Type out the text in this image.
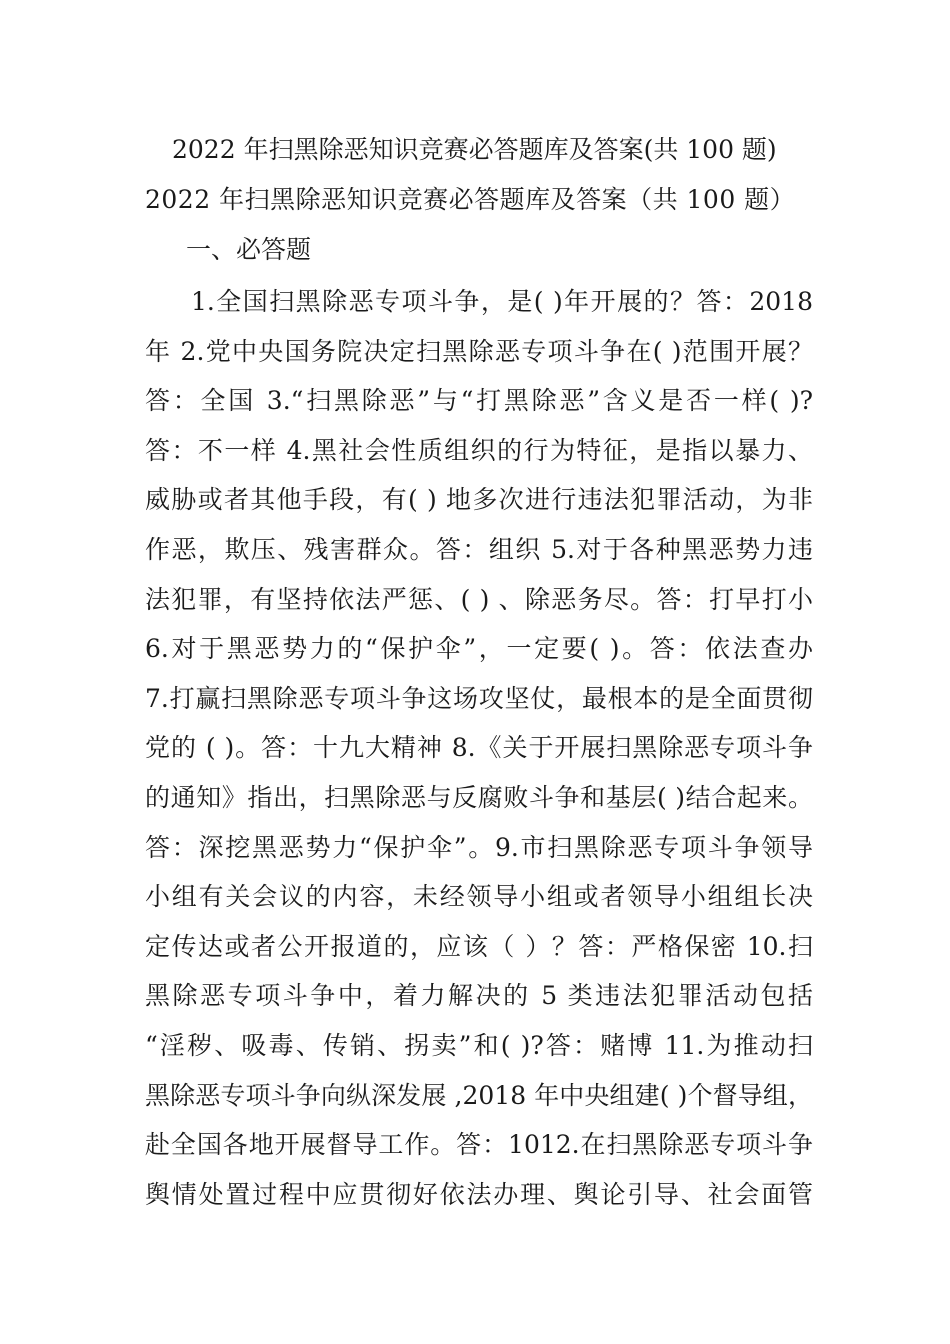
2022 年扫黑除恶知识竞赛必答题库及答案(共 100 题)
2022 年扫黑除恶知识竞赛必答题库及答案（共 100 题）
一、必答题
1.全国扫黑除恶专项斗争，是( )年开展的？答：2018
年 2.党中央国务院决定扫黑除恶专项斗争在( )范围开展？
答：全国 3.“扫黑除恶”与“打黑除恶”含义是否一样( )?
答：不一样 4.黑社会性质组织的行为特征，是指以暴力、
威胁或者其他手段，有( ) 地多次进行违法犯罪活动，为非
作恶，欺压、残害群众。答：组织 5.对于各种黑恶势力违
法犯罪，有坚持依法严惩、( ) 、除恶务尽。答：打早打小
6.对于黑恶势力的“保护伞”，一定要( )。答：依法查办
7.打赢扫黑除恶专项斗争这场攻坚仗，最根本的是全面贯彻
党的 ( )。答：十九大精神 8.《关于开展扫黑除恶专项斗争
的通知》指出，扫黑除恶与反腐败斗争和基层( )结合起来。
答：深挖黑恶势力“保护伞”。9.市扫黑除恶专项斗争领导
小组有关会议的内容，未经领导小组或者领导小组组长决
定传达或者公开报道的，应该（ ）？答：严格保密 10.扫
黑除恶专项斗争中，着力解决的 5 类违法犯罪活动包括
“淫秽、吸毒、传销、拐卖”和( )?答：赌博 11.为推动扫
黑除恶专项斗争向纵深发展 ,2018 年中央组建( )个督导组，
赴全国各地开展督导工作。答：1012.在扫黑除恶专项斗争
舆情处置过程中应贯彻好依法办理、舆论引导、社会面管
